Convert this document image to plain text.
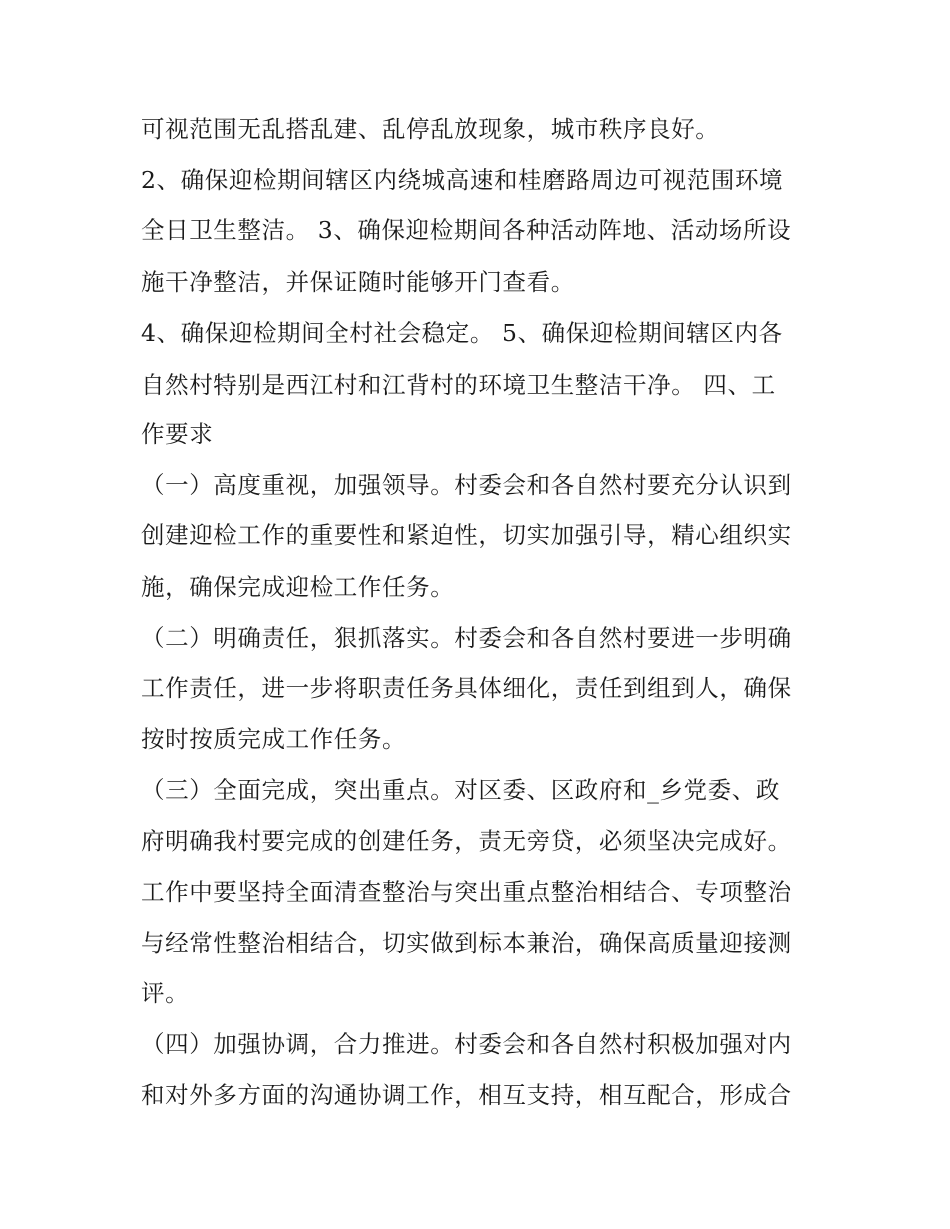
可视范围无乱搭乱建、乱停乱放现象，城市秩序良好。
2、确保迎检期间辖区内绕城高速和桂磨路周边可视范围环境
全日卫生整洁。 3、确保迎检期间各种活动阵地、活动场所设
施干净整洁，并保证随时能够开门查看。
4、确保迎检期间全村社会稳定。 5、确保迎检期间辖区内各
自然村特别是西江村和江背村的环境卫生整洁干净。 四、工
作要求
（一）高度重视，加强领导。村委会和各自然村要充分认识到
创建迎检工作的重要性和紧迫性，切实加强引导，精心组织实
施，确保完成迎检工作任务。
（二）明确责任，狠抓落实。村委会和各自然村要进一步明确
工作责任，进一步将职责任务具体细化，责任到组到人，确保
按时按质完成工作任务。
（三）全面完成，突出重点。对区委、区政府和_乡党委、政
府明确我村要完成的创建任务，责无旁贷，必须坚决完成好。
工作中要坚持全面清查整治与突出重点整治相结合、专项整治
与经常性整治相结合，切实做到标本兼治，确保高质量迎接测
评。
（四）加强协调，合力推进。村委会和各自然村积极加强对内
和对外多方面的沟通协调工作，相互支持，相互配合，形成合
